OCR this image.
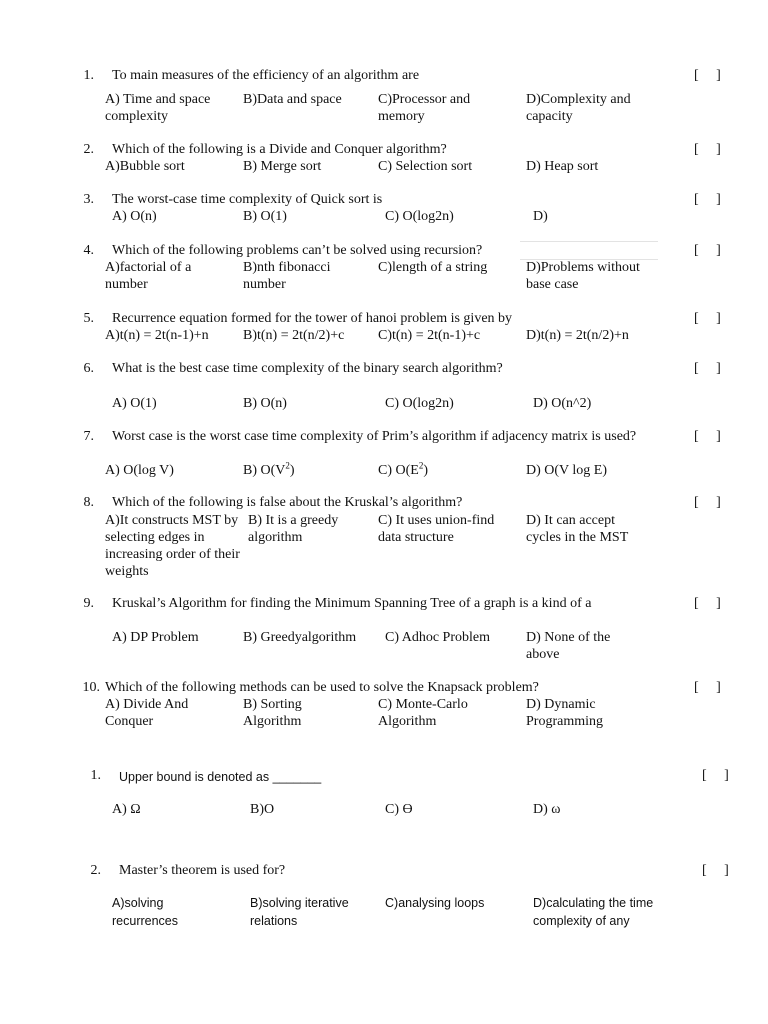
1. To main measures of the efficiency of an algorithm are	[     ]
A) Time and space complexity
B)Data and space	C)Processor and memory
D)Complexity and capacity
2. Which of the following is a Divide and Conquer algorithm?	[     ]
A)Bubble sort	B) Merge sort	C) Selection sort	D) Heap sort
3. The worst-case time complexity of Quick sort is	[     ]
A) O(n)	B) O(1)	C) O(log2n)	D)
4. Which of the following problems can’t be solved using recursion?	[     ]
A)factorial of a number
B)nth fibonacci number
C)length of a string	D)Problems without base case
5. Recurrence equation formed for the tower of hanoi problem is given by	[     ]
A)t(n) = 2t(n-1)+n	B)t(n) = 2t(n/2)+c	C)t(n) = 2t(n-1)+c	D)t(n) = 2t(n/2)+n
6. What is the best case time complexity of the binary search algorithm?	[     ]
A) O(1)	B) O(n)	C) O(log2n)	D) O(n^2)
7. Worst case is the worst case time complexity of Prim’s algorithm if adjacency matrix is used?	[     ]
A) O(log V)	B) $O(V^2)$	C) $O(E^2)$	D) O(V log E)
8. Which of the following is false about the Kruskal’s algorithm?	[     ]
A)It constructs MST by selecting edges in increasing order of their weights
B) It is a greedy algorithm
C) It uses union-find data structure
D) It can accept cycles in the MST
9. Kruskal’s Algorithm for finding the Minimum Spanning Tree of a graph is a kind of a	[     ]
A) DP Problem	B) Greedyalgorithm	C) Adhoc Problem	D) None of the above
10. Which of the following methods can be used to solve the Knapsack problem?	[     ]
A) Divide And Conquer
B) Sorting Algorithm
C) Monte-Carlo Algorithm
D) Dynamic Programming
1. Upper bound is denoted as _______	[     ]
A) Ω	B)O	C) ϴ	D) ω
2. Master’s theorem is used for?	[     ]
A)solving recurrences
B)solving iterative relations
C)analysing loops	D)calculating the time complexity of any
